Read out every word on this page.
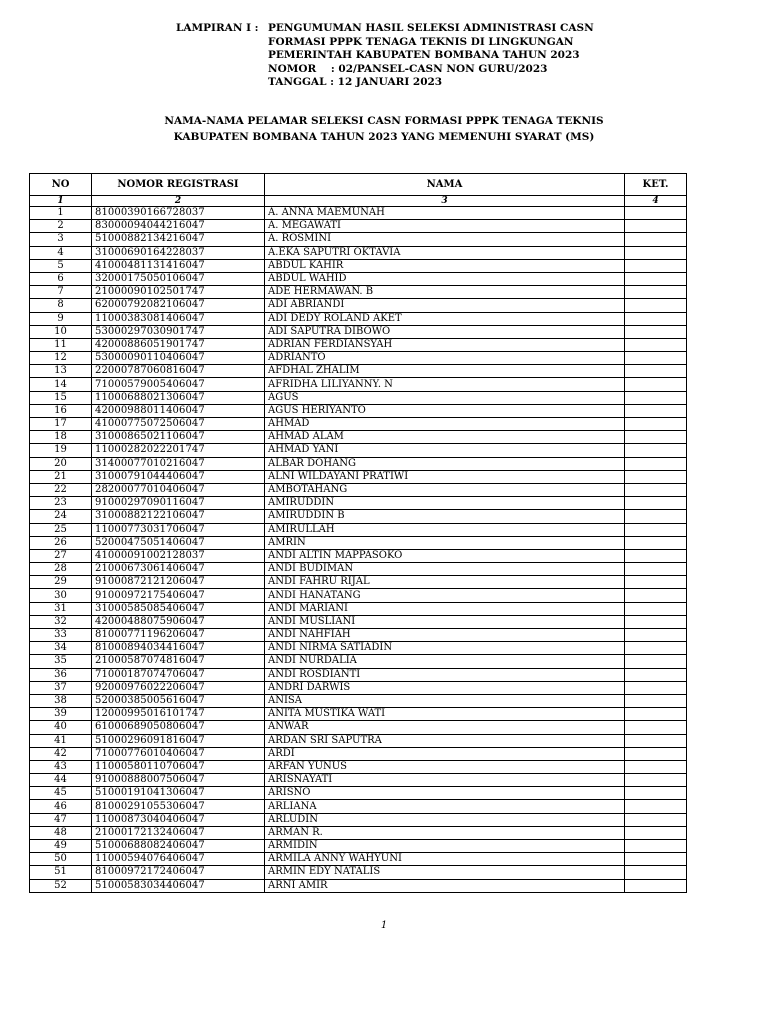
LAMPIRAN I : PENGUMUMAN HASIL SELEKSI ADMINISTRASI CASN
FORMASI PPPK TENAGA TEKNIS DI LINGKUNGAN
PEMERINTAH KABUPATEN BOMBANA TAHUN 2023
NOMOR    : 02/PANSEL-CASN NON GURU/2023
TANGGAL : 12 JANUARI 2023
NAMA-NAMA PELAMAR SELEKSI CASN FORMASI PPPK TENAGA TEKNIS
KABUPATEN BOMBANA TAHUN 2023 YANG MEMENUHI SYARAT (MS)
NO	NOMOR REGISTRASI	NAMA	KET.
1	2	3	4
1	81000390166728037	A. ANNA MAEMUNAH	
2	83000094044216047	A. MEGAWATI	
3	51000882134216047	A. ROSMINI	
4	31000690164228037	A.EKA SAPUTRI OKTAVIA	
5	41000481131416047	ABDUL KAHIR	
6	32000175050106047	ABDUL WAHID	
7	21000090102501747	ADE HERMAWAN. B	
8	62000792082106047	ADI ABRIANDI	
9	11000383081406047	ADI DEDY ROLAND AKET	
10	53000297030901747	ADI SAPUTRA DIBOWO	
11	42000886051901747	ADRIAN FERDIANSYAH	
12	53000090110406047	ADRIANTO	
13	22000787060816047	AFDHAL ZHALIM	
14	71000579005406047	AFRIDHA LILIYANNY. N	
15	11000688021306047	AGUS	
16	42000988011406047	AGUS HERIYANTO	
17	41000775072506047	AHMAD	
18	31000865021106047	AHMAD ALAM	
19	11000282022201747	AHMAD YANI	
20	31400077010216047	ALBAR DOHANG	
21	31000791044406047	ALNI WILDAYANI PRATIWI	
22	28200077010406047	AMBOTAHANG	
23	91000297090116047	AMIRUDDIN	
24	31000882122106047	AMIRUDDIN B	
25	11000773031706047	AMIRULLAH	
26	52000475051406047	AMRIN	
27	41000091002128037	ANDI ALTIN MAPPASOKO	
28	21000673061406047	ANDI BUDIMAN	
29	91000872121206047	ANDI FAHRU RIJAL	
30	91000972175406047	ANDI HANATANG	
31	31000585085406047	ANDI MARIANI	
32	42000488075906047	ANDI MUSLIANI	
33	81000771196206047	ANDI NAHFIAH	
34	81000894034416047	ANDI NIRMA SATIADIN	
35	21000587074816047	ANDI NURDALIA	
36	71000187074706047	ANDI ROSDIANTI	
37	92000976022206047	ANDRI DARWIS	
38	52000385005616047	ANISA	
39	12000995016101747	ANITA MUSTIKA WATI	
40	61000689050806047	ANWAR	
41	51000296091816047	ARDAN SRI SAPUTRA	
42	71000776010406047	ARDI	
43	11000580110706047	ARFAN YUNUS	
44	91000888007506047	ARISNAYATI	
45	51000191041306047	ARISNO	
46	81000291055306047	ARLIANA	
47	11000873040406047	ARLUDIN	
48	21000172132406047	ARMAN R.	
49	51000688082406047	ARMIDIN	
50	11000594076406047	ARMILA ANNY WAHYUNI	
51	81000972172406047	ARMIN EDY NATALIS	
52	51000583034406047	ARNI AMIR	
1
